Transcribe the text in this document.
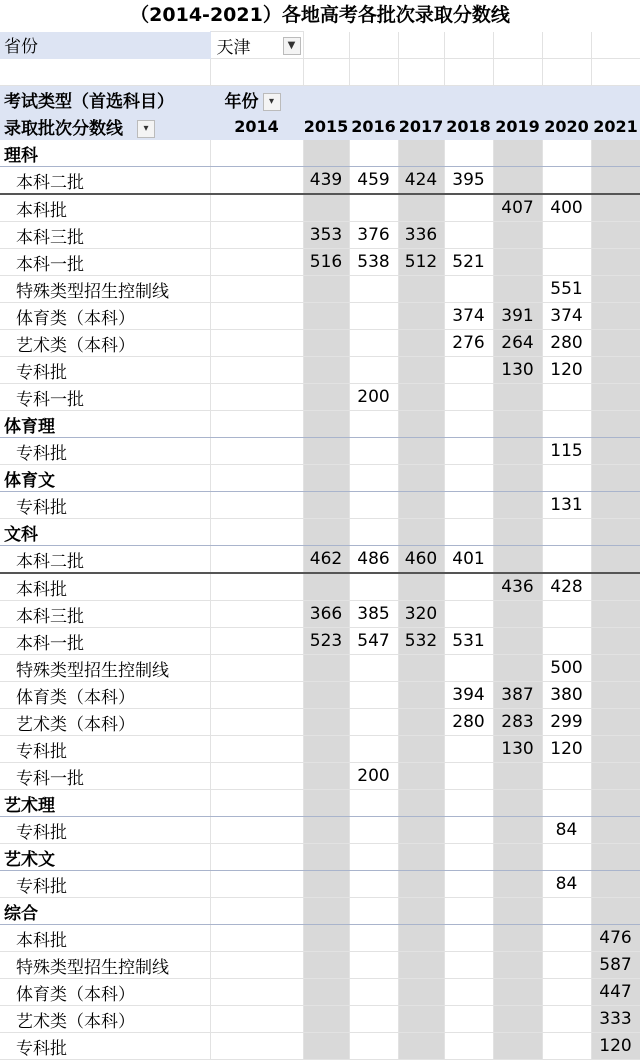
（2014-2021）各地高考各批次录取分数线
省份	天津 ▼								

考试类型（首选科目）	年份 ▾								
录取批次分数线 ▾	2014	2015	2016	2017	2018	2019	2020	2021	
理科									
本科二批		439	459	424	395				
本科批						407	400		
本科三批		353	376	336					
本科一批		516	538	512	521				
特殊类型招生控制线							551		
体育类（本科）					374	391	374		
艺术类（本科）					276	264	280		
专科批						130	120		
专科一批			200						
体育理									
专科批							115		
体育文									
专科批							131		
文科									
本科二批		462	486	460	401				
本科批						436	428		
本科三批		366	385	320					
本科一批		523	547	532	531				
特殊类型招生控制线							500		
体育类（本科）					394	387	380		
艺术类（本科）					280	283	299		
专科批						130	120		
专科一批			200						
艺术理									
专科批							84		
艺术文									
专科批							84		
综合									
本科批								476	
特殊类型招生控制线								587	
体育类（本科）								447	
艺术类（本科）								333	
专科批								120	
